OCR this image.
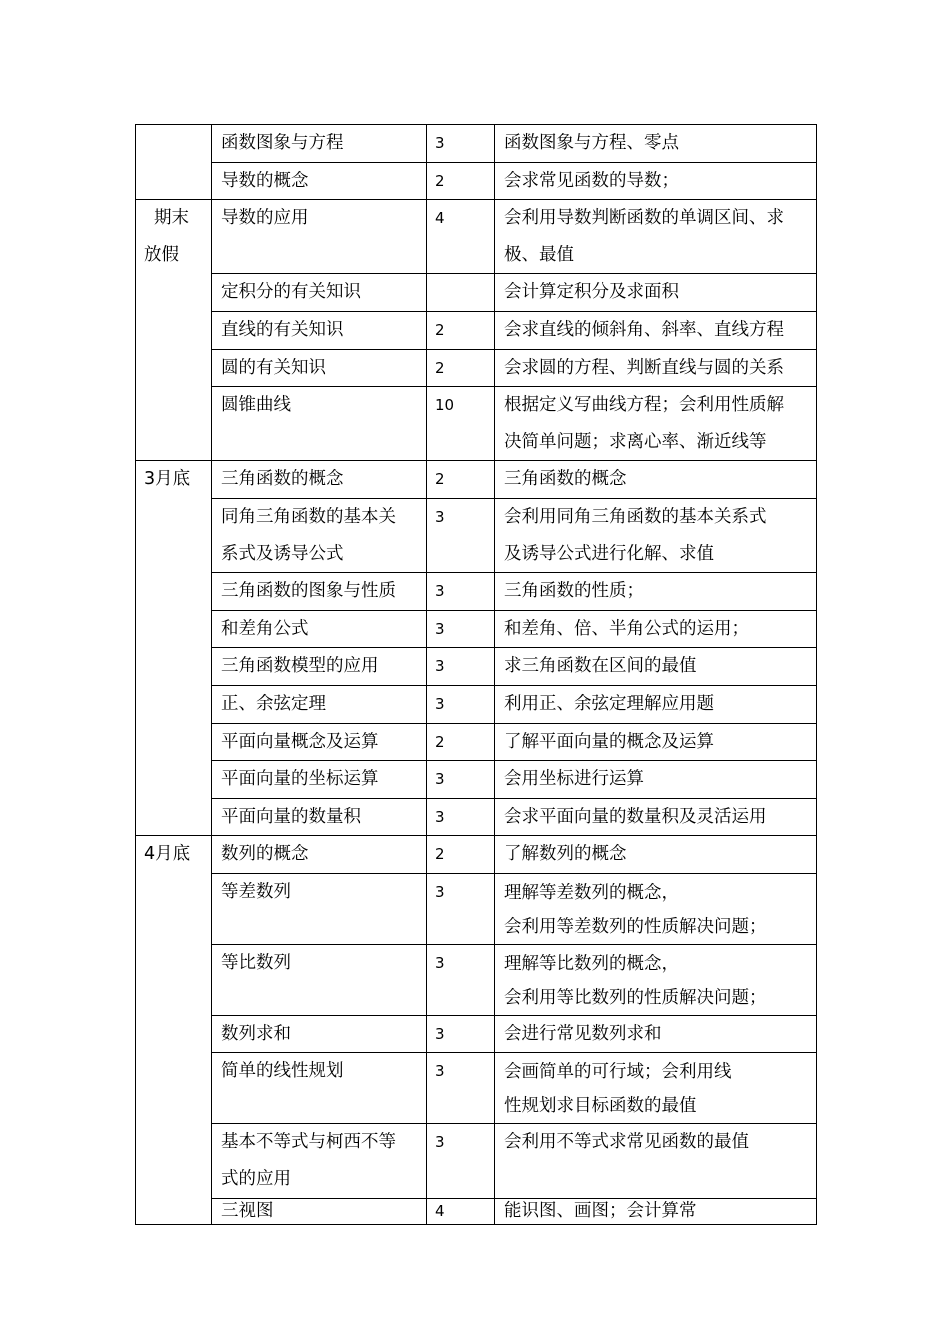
	函数图象与方程	3	函数图象与方程、零点

	导数的概念	2	会求常见函数的导数；

期末
放假	导数的应用	4	会利用导数判断函数的单调区间、求
极、最值

	定积分的有关知识		会计算定积分及求面积

	直线的有关知识	2	会求直线的倾斜角、斜率、直线方程

	圆的有关知识	2	会求圆的方程、判断直线与圆的关系

	圆锥曲线	10	根据定义写曲线方程；会利用性质解
决简单问题；求离心率、渐近线等

3月底	三角函数的概念	2	三角函数的概念

	同角三角函数的基本关
系式及诱导公式	3	会利用同角三角函数的基本关系式
及诱导公式进行化解、求值

	三角函数的图象与性质	3	三角函数的性质；

	和差角公式	3	和差角、倍、半角公式的运用；

	三角函数模型的应用	3	求三角函数在区间的最值

	正、余弦定理	3	利用正、余弦定理解应用题

	平面向量概念及运算	2	了解平面向量的概念及运算

	平面向量的坐标运算	3	会用坐标进行运算

	平面向量的数量积	3	会求平面向量的数量积及灵活运用

4月底	数列的概念	2	了解数列的概念

	等差数列	3	理解等差数列的概念，
会利用等差数列的性质解决问题；

	等比数列	3	理解等比数列的概念，
会利用等比数列的性质解决问题；

	数列求和	3	会进行常见数列求和

	简单的线性规划	3	会画简单的可行域；会利用线
性规划求目标函数的最值

	基本不等式与柯西不等
式的应用	3	会利用不等式求常见函数的最值

	三视图	4	能识图、画图；会计算常
